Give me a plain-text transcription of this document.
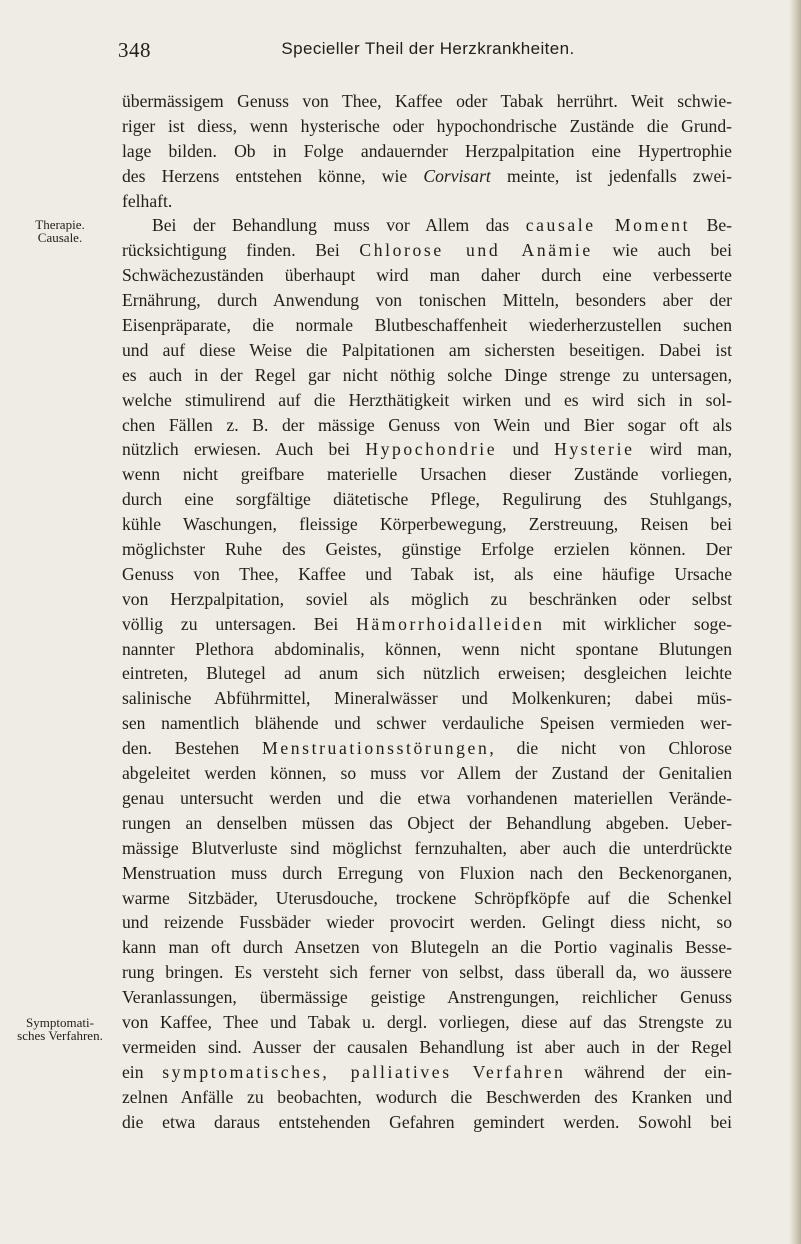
348	Specieller Theil der Herzkrankheiten.
Therapie.
Causale.
Symptomati-
sches Verfahren.
übermässigem Genuss von Thee, Kaffee oder Tabak herrührt. Weit schwie-
riger ist diess, wenn hysterische oder hypochondrische Zustände die Grund-
lage bilden. Ob in Folge andauernder Herzpalpitation eine Hypertrophie
des Herzens entstehen könne, wie Corvisart meinte, ist jedenfalls zwei-
felhaft.
Bei der Behandlung muss vor Allem das causale Moment Be-
rücksichtigung finden. Bei Chlorose und Anämie wie auch bei
Schwächezuständen überhaupt wird man daher durch eine verbesserte
Ernährung, durch Anwendung von tonischen Mitteln, besonders aber der
Eisenpräparate, die normale Blutbeschaffenheit wiederherzustellen suchen
und auf diese Weise die Palpitationen am sichersten beseitigen. Dabei ist
es auch in der Regel gar nicht nöthig solche Dinge strenge zu untersagen,
welche stimulirend auf die Herzthätigkeit wirken und es wird sich in sol-
chen Fällen z. B. der mässige Genuss von Wein und Bier sogar oft als
nützlich erwiesen. Auch bei Hypochondrie und Hysterie wird man,
wenn nicht greifbare materielle Ursachen dieser Zustände vorliegen,
durch eine sorgfältige diätetische Pflege, Regulirung des Stuhlgangs,
kühle Waschungen, fleissige Körperbewegung, Zerstreuung, Reisen bei
möglichster Ruhe des Geistes, günstige Erfolge erzielen können. Der
Genuss von Thee, Kaffee und Tabak ist, als eine häufige Ursache
von Herzpalpitation, soviel als möglich zu beschränken oder selbst
völlig zu untersagen. Bei Hämorrhoidalleiden mit wirklicher soge-
nannter Plethora abdominalis, können, wenn nicht spontane Blutungen
eintreten, Blutegel ad anum sich nützlich erweisen; desgleichen leichte
salinische Abführmittel, Mineralwässer und Molkenkuren; dabei müs-
sen namentlich blähende und schwer verdauliche Speisen vermieden wer-
den. Bestehen Menstruationsstörungen, die nicht von Chlorose
abgeleitet werden können, so muss vor Allem der Zustand der Genitalien
genau untersucht werden und die etwa vorhandenen materiellen Verände-
rungen an denselben müssen das Object der Behandlung abgeben. Ueber-
mässige Blutverluste sind möglichst fernzuhalten, aber auch die unterdrückte
Menstruation muss durch Erregung von Fluxion nach den Beckenorganen,
warme Sitzbäder, Uterusdouche, trockene Schröpfköpfe auf die Schenkel
und reizende Fussbäder wieder provocirt werden. Gelingt diess nicht, so
kann man oft durch Ansetzen von Blutegeln an die Portio vaginalis Besse-
rung bringen. Es versteht sich ferner von selbst, dass überall da, wo äussere
Veranlassungen, übermässige geistige Anstrengungen, reichlicher Genuss
von Kaffee, Thee und Tabak u. dergl. vorliegen, diese auf das Strengste zu
vermeiden sind. Ausser der causalen Behandlung ist aber auch in der Regel
ein symptomatisches, palliatives Verfahren während der ein-
zelnen Anfälle zu beobachten, wodurch die Beschwerden des Kranken und
die etwa daraus entstehenden Gefahren gemindert werden. Sowohl bei
